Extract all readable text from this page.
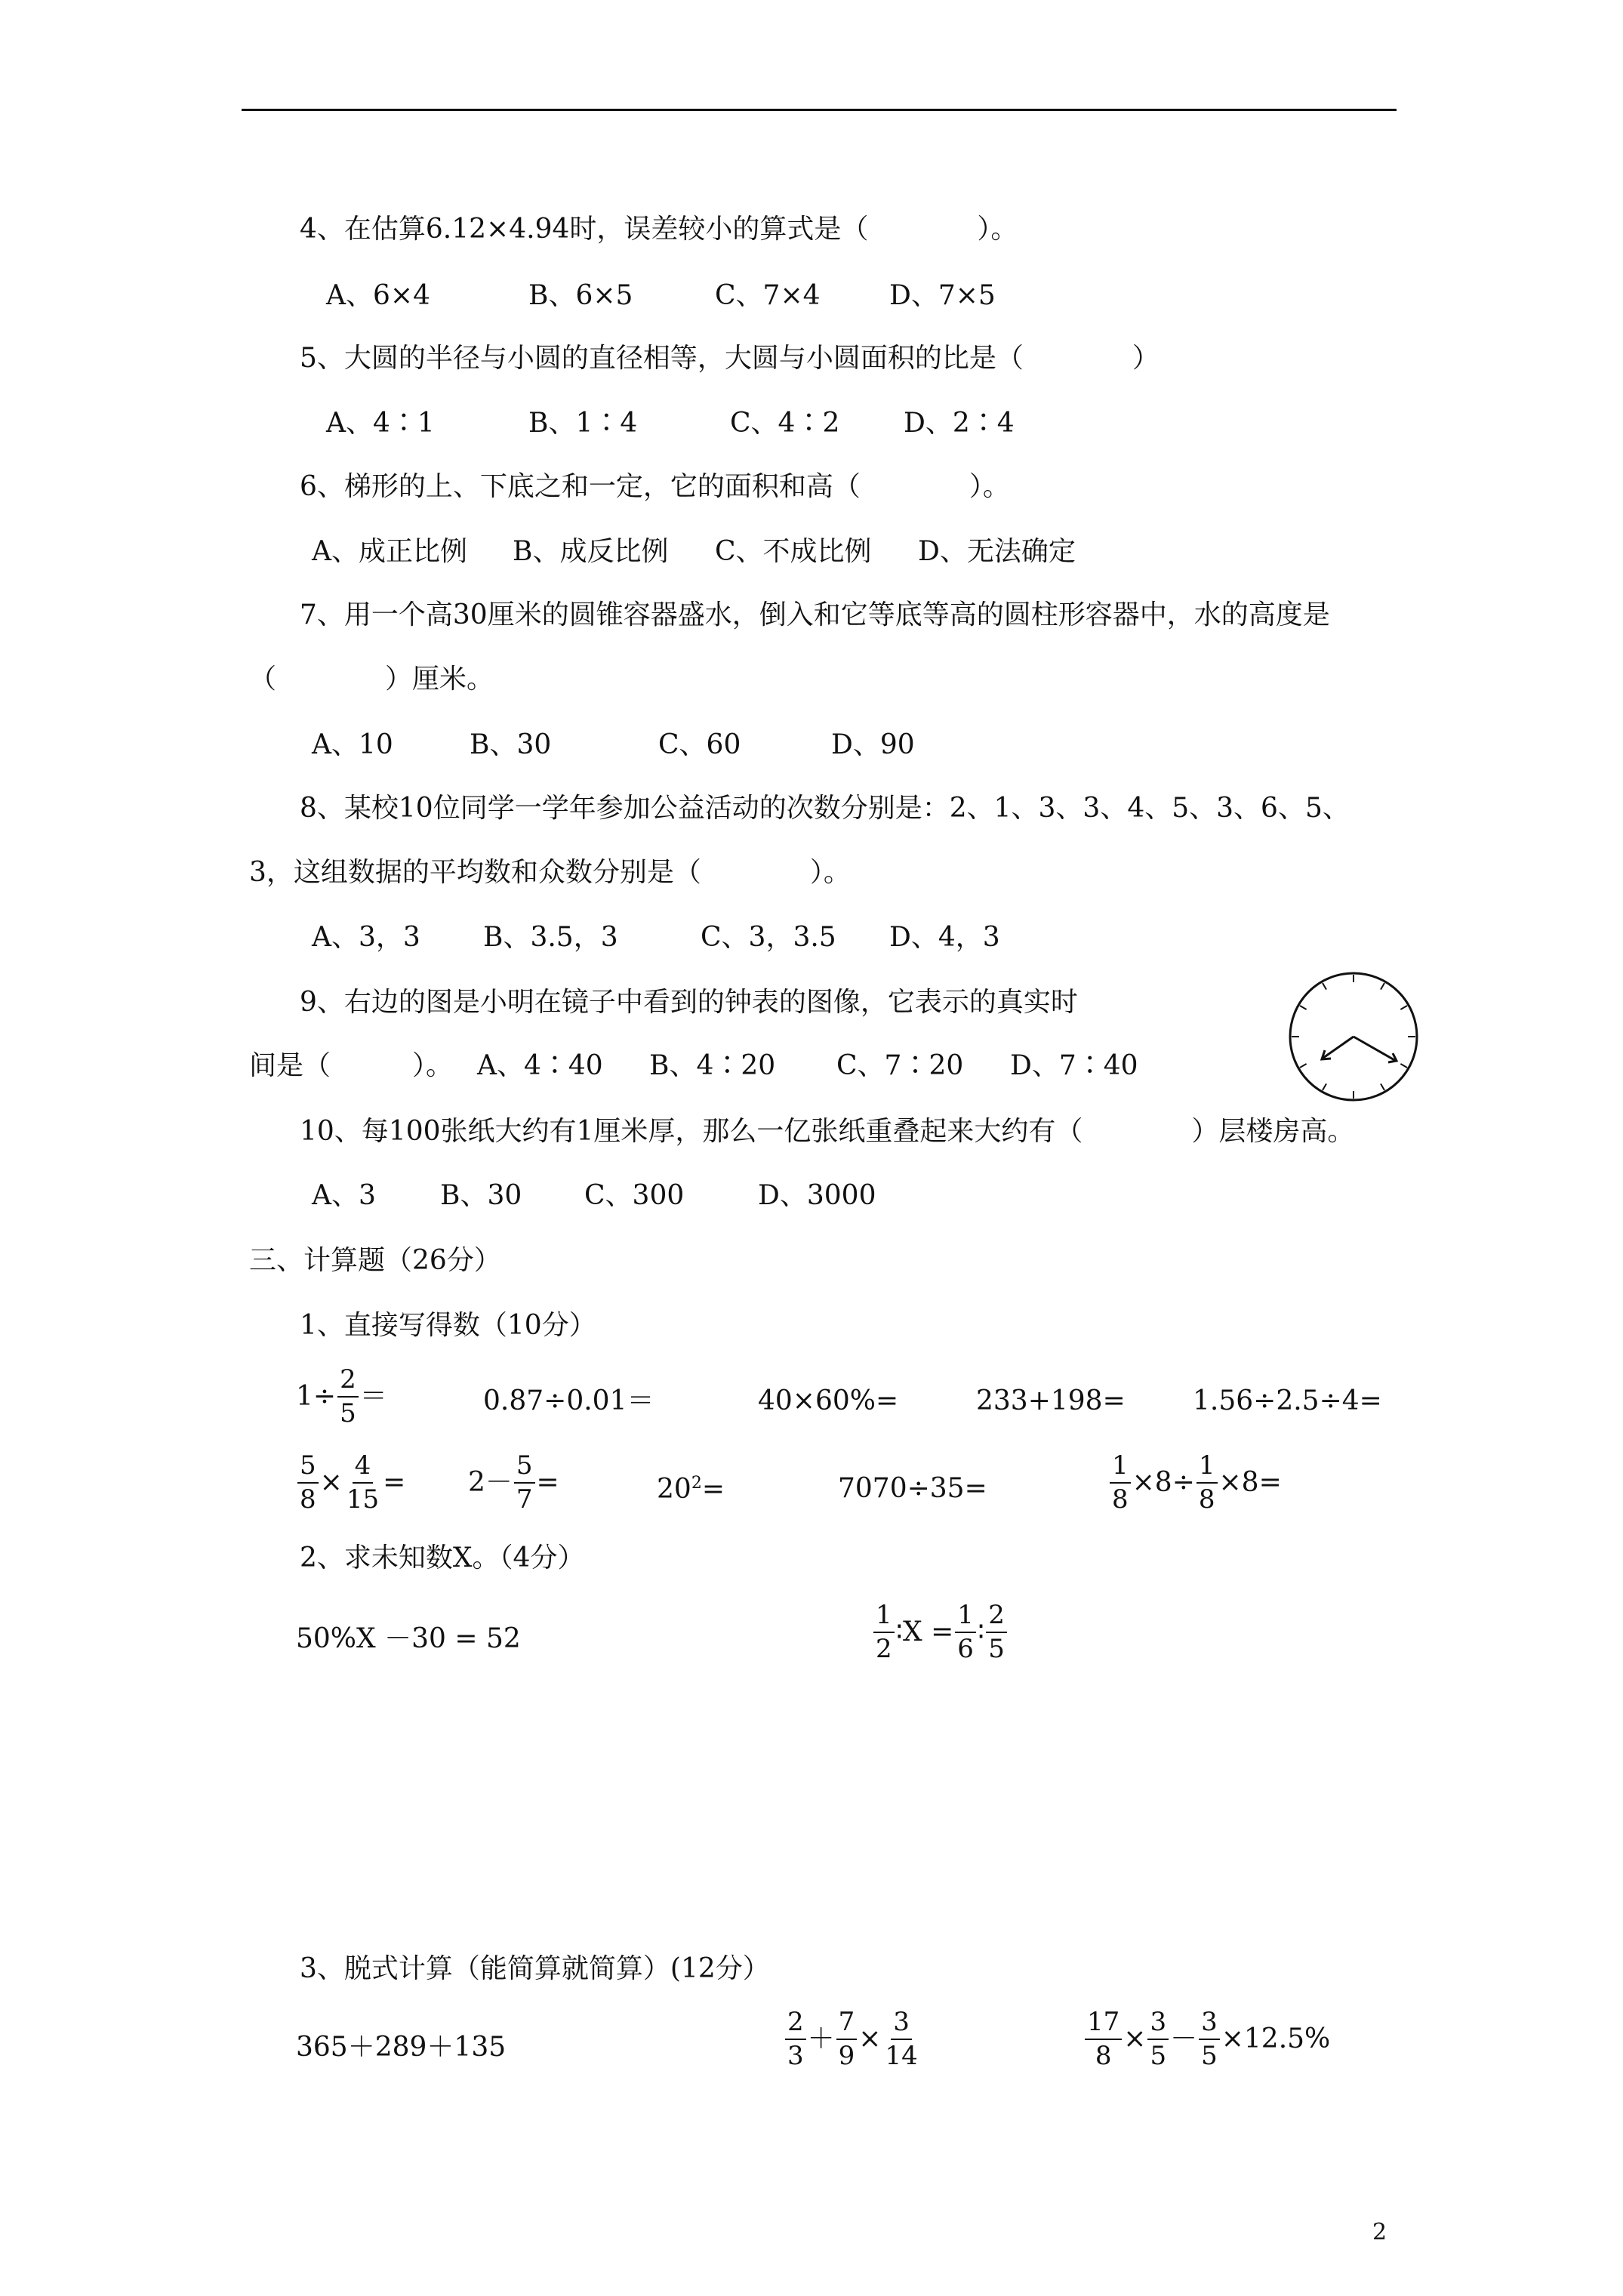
4、在估算6.12×4.94时，误差较小的算式是（　　　　）。
A、6×4	B、6×5	C、7×4	D、7×5
5、大圆的半径与小圆的直径相等，大圆与小圆面积的比是（　　　　）
A、4∶1	B、1∶4	C、4∶2 D、2∶4
6、梯形的上、下底之和一定，它的面积和高（　　　　）。
A、成正比例 B、成反比例 C、不成比例 D、无法确定
7、用一个高30厘米的圆锥容器盛水，倒入和它等底等高的圆柱形容器中，水的高度是
（　　　　）厘米。
A、10	B、30	C、60	D、90
8、某校10位同学一学年参加公益活动的次数分别是：2、1、3、3、4、5、3、6、5、
3，这组数据的平均数和众数分别是（　　　　）。
A、3，3 B、3.5，3	C、3，3.5 D、4，3
9、右边的图是小明在镜子中看到的钟表的图像，它表示的真实时
间是（　　　）。 A、4∶40 B、4∶20 C、7∶20 D、7∶40
10、每100张纸大约有1厘米厚，那么一亿张纸重叠起来大约有（　　　　）层楼房高。
A、3 B、30 C、300	D、3000
三、计算题（26分）
1、直接写得数（10分）
$1\div \frac{2}{5}$ ＝	0.87÷0.01＝	40×60%=	233+198= 1.56÷2.5÷4=
$\frac{5}{8} \times \frac{4}{15} = 2- \frac{5}{7}$ =	$20^2=$	7070÷35=	$\frac{1}{8} \times 8\div \frac{1}{8} \times 8=$
2、求未知数X。（4分）
50%X －30 = 52	$\frac{1}{2}$ ∶X = $\frac{1}{6}$ ∶ $\frac{2}{5}$
3、脱式计算（能简算就简算）(12分）
365＋289＋135	$\frac{2}{3} + \frac{7}{9} \times \frac{3}{14}$	$\frac{17}{8} \times \frac{3}{5} - \frac{3}{5} \times 12.5\%$
2
